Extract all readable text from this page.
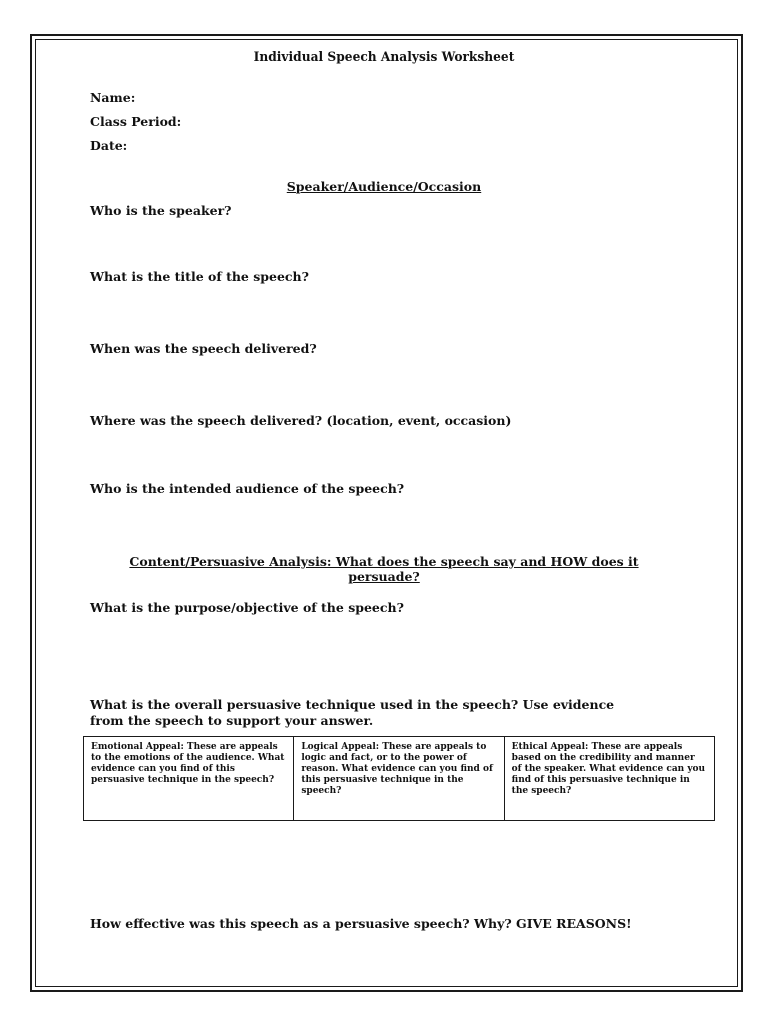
Individual Speech Analysis Worksheet
Name:
Class Period:
Date:
Speaker/Audience/Occasion
Who is the speaker?
What is the title of the speech?
When was the speech delivered?
Where was the speech delivered? (location, event, occasion)
Who is the intended audience of the speech?
Content/Persuasive Analysis: What does the speech say and HOW does it persuade?
What is the purpose/objective of the speech?
What is the overall persuasive technique used in the speech? Use evidence from the speech to support your answer.
Emotional Appeal: These are appeals to the emotions of the audience. What evidence can you find of this persuasive technique in the speech?	Logical Appeal: These are appeals to logic and fact, or to the power of reason. What evidence can you find of this persuasive technique in the speech?	Ethical Appeal: These are appeals based on the credibility and manner of the speaker. What evidence can you find of this persuasive technique in the speech?
How effective was this speech as a persuasive speech? Why? GIVE REASONS!
